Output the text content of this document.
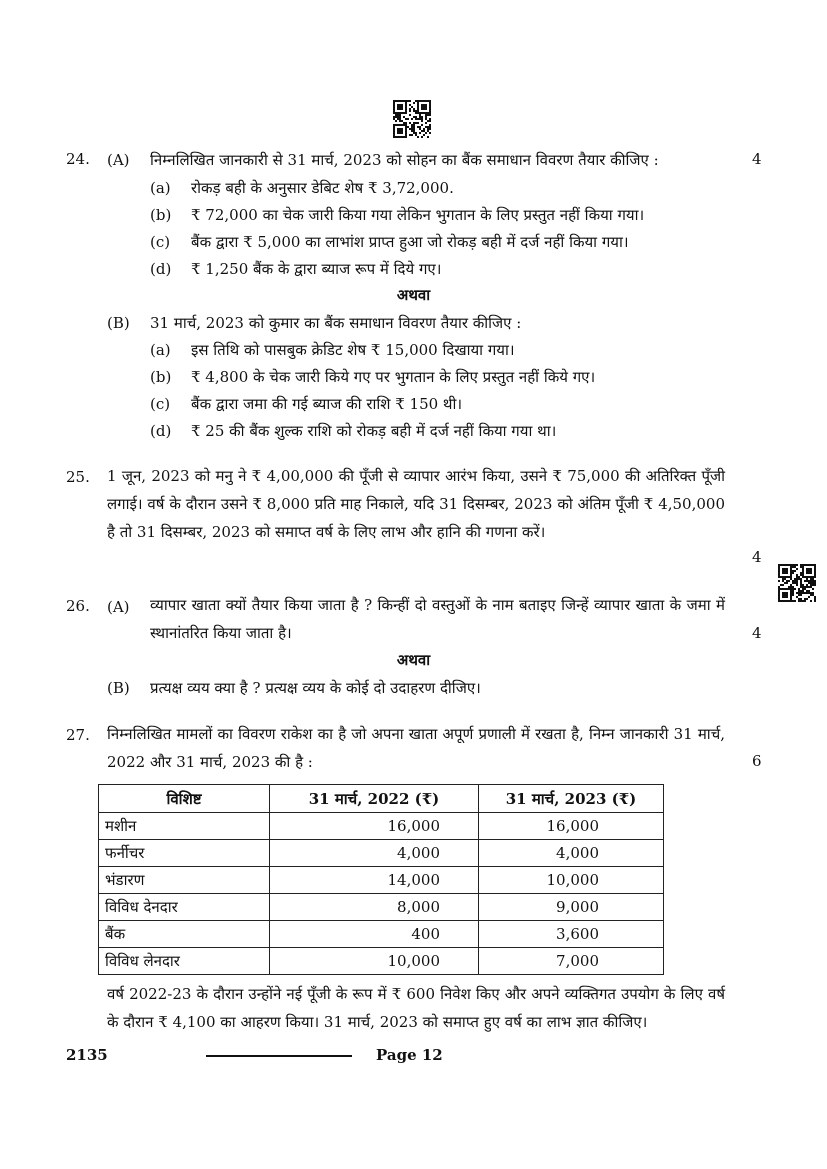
24.	(A) निम्नलिखित जानकारी से 31 मार्च, 2023 को सोहन का बैंक समाधान विवरण तैयार कीजिए :	4
(a) रोकड़ बही के अनुसार डेबिट शेष ₹ 3,72,000.
(b) ₹ 72,000 का चेक जारी किया गया लेकिन भुगतान के लिए प्रस्तुत नहीं किया गया।
(c) बैंक द्वारा ₹ 5,000 का लाभांश प्राप्त हुआ जो रोकड़ बही में दर्ज नहीं किया गया।
(d) ₹ 1,250 बैंक के द्वारा ब्याज रूप में दिये गए।
अथवा
(B) 31 मार्च, 2023 को कुमार का बैंक समाधान विवरण तैयार कीजिए :
(a) इस तिथि को पासबुक क्रेडिट शेष ₹ 15,000 दिखाया गया।
(b) ₹ 4,800 के चेक जारी किये गए पर भुगतान के लिए प्रस्तुत नहीं किये गए।
(c) बैंक द्वारा जमा की गई ब्याज की राशि ₹ 150 थी।
(d) ₹ 25 की बैंक शुल्क राशि को रोकड़ बही में दर्ज नहीं किया गया था।
25.	1 जून, 2023 को मनु ने ₹ 4,00,000 की पूँजी से व्यापार आरंभ किया, उसने ₹ 75,000 की अतिरिक्त पूँजी लगाई। वर्ष के दौरान उसने ₹ 8,000 प्रति माह निकाले, यदि 31 दिसम्बर, 2023 को अंतिम पूँजी ₹ 4,50,000 है तो 31 दिसम्बर, 2023 को समाप्त वर्ष के लिए लाभ और हानि की गणना करें।
4
26.	(A) व्यापार खाता क्यों तैयार किया जाता है ? किन्हीं दो वस्तुओं के नाम बताइए जिन्हें व्यापार खाता के जमा में स्थानांतरित किया जाता है।	4
अथवा
(B) प्रत्यक्ष व्यय क्या है ? प्रत्यक्ष व्यय के कोई दो उदाहरण दीजिए।
27.	निम्नलिखित मामलों का विवरण राकेश का है जो अपना खाता अपूर्ण प्रणाली में रखता है, निम्न जानकारी 31 मार्च, 2022 और 31 मार्च, 2023 की है :	6
विशिष्ट	31 मार्च, 2022 (₹)	31 मार्च, 2023 (₹)
मशीन	16,000	16,000
फर्नीचर	4,000	4,000
भंडारण	14,000	10,000
विविध देनदार	8,000	9,000
बैंक	400	3,600
विविध लेनदार	10,000	7,000
वर्ष 2022-23 के दौरान उन्होंने नई पूँजी के रूप में ₹ 600 निवेश किए और अपने व्यक्तिगत उपयोग के लिए वर्ष के दौरान ₹ 4,100 का आहरण किया। 31 मार्च, 2023 को समाप्त हुए वर्ष का लाभ ज्ञात कीजिए।
2135	Page 12
